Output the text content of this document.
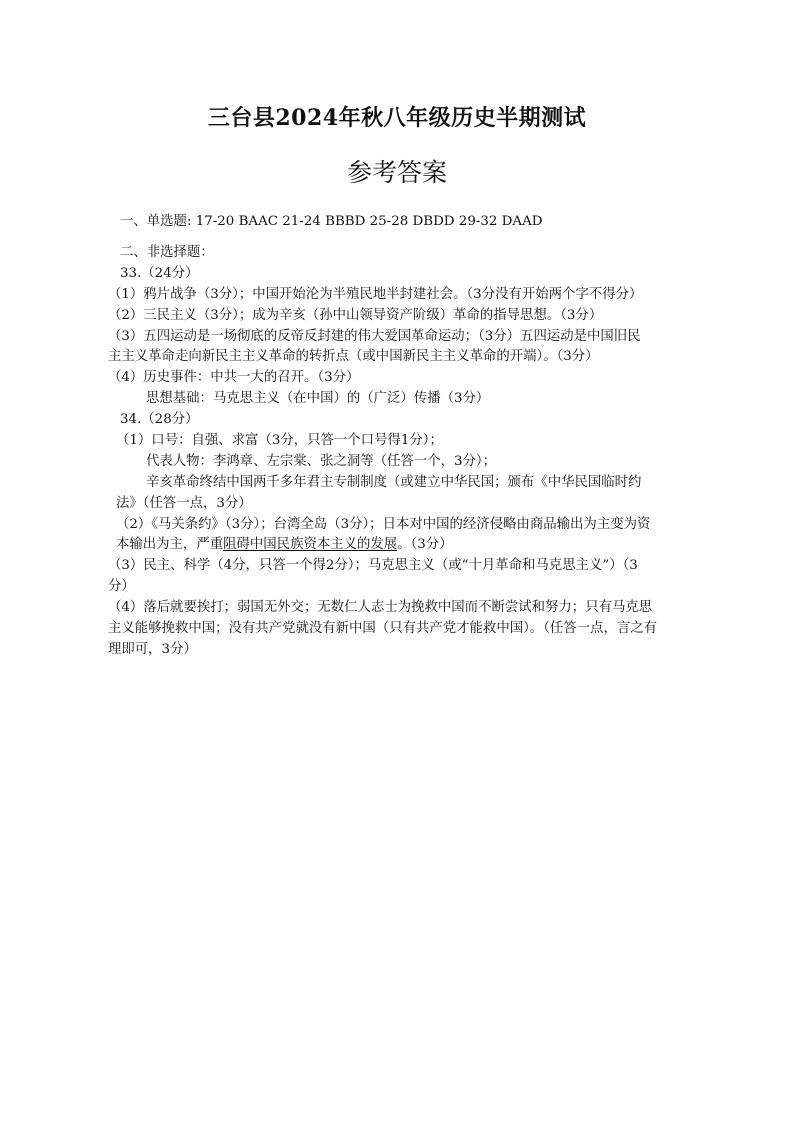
三台县2024年秋八年级历史半期测试
参考答案
一、单选题: 17-20 BAAC 21-24 BBBD 25-28 DBDD 29-32 DAAD
二、非选择题：
33.（24分）
（1）鸦片战争（3分）；中国开始沦为半殖民地半封建社会。（3分没有开始两个字不得分）
（2）三民主义（3分）；成为辛亥（孙中山领导资产阶级）革命的指导思想。（3分）
（3）五四运动是一场彻底的反帝反封建的伟大爱国革命运动；（3分）五四运动是中国旧民
主主义革命走向新民主主义革命的转折点（或中国新民主主义革命的开端）。（3分）
（4）历史事件：中共一大的召开。（3分）
思想基础：马克思主义（在中国）的（广泛）传播（3分）
34.（28分）
（1）口号：自强、求富（3分，只答一个口号得1分）；
代表人物：李鸿章、左宗棠、张之洞等（任答一个，3分）；
辛亥革命终结中国两千多年君主专制制度（或建立中华民国；颁布《中华民国临时约
法》（任答一点，3分）
（2）《马关条约》（3分）；台湾全岛（3分）；日本对中国的经济侵略由商品输出为主变为资
本输出为主，严重阻碍中国民族资本主义的发展。（3分）
（3）民主、科学（4分，只答一个得2分）；马克思主义（或“十月革命和马克思主义”）（3
分）
（4）落后就要挨打；弱国无外交；无数仁人志士为挽救中国而不断尝试和努力；只有马克思
主义能够挽救中国；没有共产党就没有新中国（只有共产党才能救中国）。（任答一点，言之有
理即可，3分）
